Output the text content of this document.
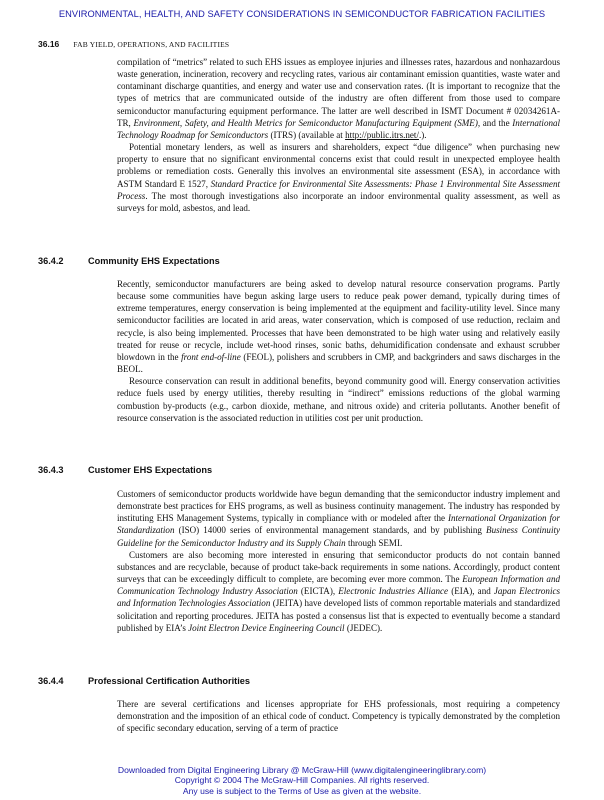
ENVIRONMENTAL, HEALTH, AND SAFETY CONSIDERATIONS IN SEMICONDUCTOR FABRICATION FACILITIES
36.16 FAB YIELD, OPERATIONS, AND FACILITIES

compilation of “metrics” related to such EHS issues as employee injuries and illnesses rates, hazardous and nonhazardous waste generation, incineration, recovery and recycling rates, various air contaminant emission quantities, waste water and contaminant discharge quantities, and energy and water use and conservation rates. (It is important to recognize that the types of metrics that are communicated outside of the industry are often different from those used to compare semiconductor manufacturing equipment performance. The latter are well described in ISMT Document # 02034261A-TR, Environment, Safety, and Health Metrics for Semiconductor Manufacturing Equipment (SME), and the International Technology Roadmap for Semiconductors (ITRS) (available at http://public.itrs.net/.).

Potential monetary lenders, as well as insurers and shareholders, expect “due diligence” when purchasing new property to ensure that no significant environmental concerns exist that could result in unexpected employee health problems or remediation costs. Generally this involves an environmental site assessment (ESA), in accordance with ASTM Standard E 1527, Standard Practice for Environmental Site Assessments: Phase 1 Environmental Site Assessment Process. The most thorough investigations also incorporate an indoor environmental quality assessment, as well as surveys for mold, asbestos, and lead.

36.4.2	Community EHS Expectations

Recently, semiconductor manufacturers are being asked to develop natural resource conservation programs. Partly because some communities have begun asking large users to reduce peak power demand, typically during times of extreme temperatures, energy conservation is being implemented at the equipment and facility-utility level. Since many semiconductor facilities are located in arid areas, water conservation, which is composed of use reduction, reclaim and recycle, is also being implemented. Processes that have been demonstrated to be high water using and relatively easily treated for reuse or recycle, include wet-hood rinses, sonic baths, dehumidification condensate and exhaust scrubber blowdown in the front end-of-line (FEOL), polishers and scrubbers in CMP, and backgrinders and saws discharges in the BEOL.

Resource conservation can result in additional benefits, beyond community good will. Energy conservation activities reduce fuels used by energy utilities, thereby resulting in “indirect” emissions reductions of the global warming combustion by-products (e.g., carbon dioxide, methane, and nitrous oxide) and criteria pollutants. Another benefit of resource conservation is the associated reduction in utilities cost per unit production.

36.4.3	Customer EHS Expectations

Customers of semiconductor products worldwide have begun demanding that the semiconductor industry implement and demonstrate best practices for EHS programs, as well as business continuity management. The industry has responded by instituting EHS Management Systems, typically in compliance with or modeled after the International Organization for Standardization (ISO) 14000 series of environmental management standards, and by publishing Business Continuity Guideline for the Semiconductor Industry and its Supply Chain through SEMI.

Customers are also becoming more interested in ensuring that semiconductor products do not contain banned substances and are recyclable, because of product take-back requirements in some nations. Accordingly, product content surveys that can be exceedingly difficult to complete, are becoming ever more common. The European Information and Communication Technology Industry Association (EICTA), Electronic Industries Alliance (EIA), and Japan Electronics and Information Technologies Association (JEITA) have developed lists of common reportable materials and standardized solicitation and reporting procedures. JEITA has posted a consensus list that is expected to eventually become a standard published by EIA’s Joint Electron Device Engineering Council (JEDEC).

36.4.4	Professional Certification Authorities

There are several certifications and licenses appropriate for EHS professionals, most requiring a competency demonstration and the imposition of an ethical code of conduct. Competency is typically demonstrated by the completion of specific secondary education, serving of a term of practice

Downloaded from Digital Engineering Library @ McGraw-Hill (www.digitalengineeringlibrary.com)
Copyright © 2004 The McGraw-Hill Companies. All rights reserved.
Any use is subject to the Terms of Use as given at the website.
